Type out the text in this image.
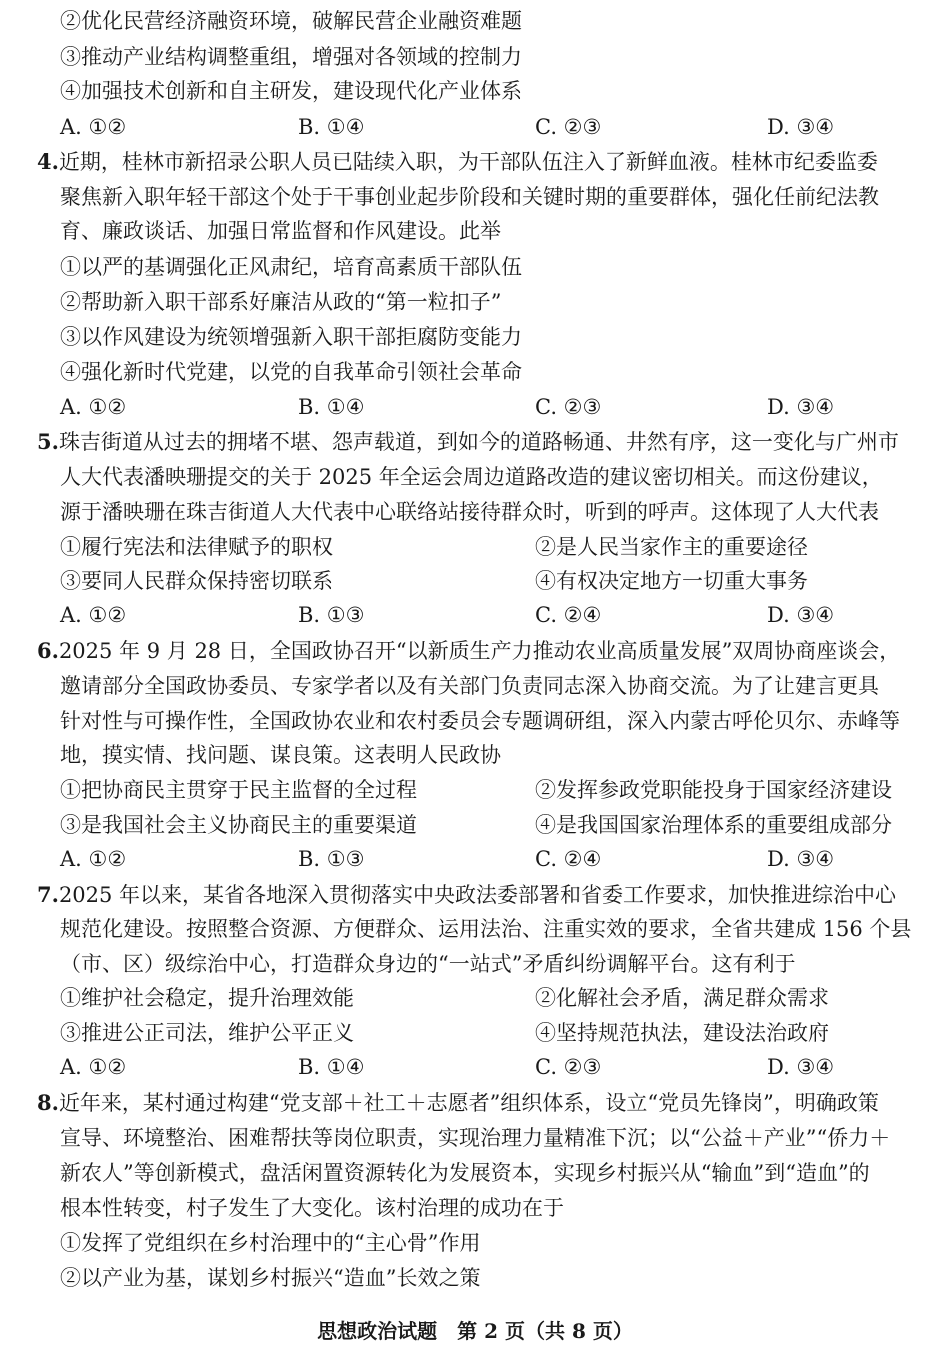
②优化民营经济融资环境，破解民营企业融资难题
③推动产业结构调整重组，增强对各领域的控制力
④加强技术创新和自主研发，建设现代化产业体系
A. ①②	B. ①④	C. ②③	D. ③④
4.近期，桂林市新招录公职人员已陆续入职，为干部队伍注入了新鲜血液。桂林市纪委监委
聚焦新入职年轻干部这个处于干事创业起步阶段和关键时期的重要群体，强化任前纪法教
育、廉政谈话、加强日常监督和作风建设。此举
①以严的基调强化正风肃纪，培育高素质干部队伍
②帮助新入职干部系好廉洁从政的“第一粒扣子”
③以作风建设为统领增强新入职干部拒腐防变能力
④强化新时代党建，以党的自我革命引领社会革命
A. ①②	B. ①④	C. ②③	D. ③④
5.珠吉街道从过去的拥堵不堪、怨声载道，到如今的道路畅通、井然有序，这一变化与广州市
人大代表潘映珊提交的关于 2025 年全运会周边道路改造的建议密切相关。而这份建议，
源于潘映珊在珠吉街道人大代表中心联络站接待群众时，听到的呼声。这体现了人大代表
①履行宪法和法律赋予的职权	②是人民当家作主的重要途径
③要同人民群众保持密切联系	④有权决定地方一切重大事务
A. ①②	B. ①③	C. ②④	D. ③④
6.2025 年 9 月 28 日，全国政协召开“以新质生产力推动农业高质量发展”双周协商座谈会，
邀请部分全国政协委员、专家学者以及有关部门负责同志深入协商交流。为了让建言更具
针对性与可操作性，全国政协农业和农村委员会专题调研组，深入内蒙古呼伦贝尔、赤峰等
地，摸实情、找问题、谋良策。这表明人民政协
①把协商民主贯穿于民主监督的全过程	②发挥参政党职能投身于国家经济建设
③是我国社会主义协商民主的重要渠道	④是我国国家治理体系的重要组成部分
A. ①②	B. ①③	C. ②④	D. ③④
7.2025 年以来，某省各地深入贯彻落实中央政法委部署和省委工作要求，加快推进综治中心
规范化建设。按照整合资源、方便群众、运用法治、注重实效的要求，全省共建成 156 个县
（市、区）级综治中心，打造群众身边的“一站式”矛盾纠纷调解平台。这有利于
①维护社会稳定，提升治理效能	②化解社会矛盾，满足群众需求
③推进公正司法，维护公平正义	④坚持规范执法，建设法治政府
A. ①②	B. ①④	C. ②③	D. ③④
8.近年来，某村通过构建“党支部＋社工＋志愿者”组织体系，设立“党员先锋岗”，明确政策
宣导、环境整治、困难帮扶等岗位职责，实现治理力量精准下沉；以“公益＋产业”“侨力＋
新农人”等创新模式，盘活闲置资源转化为发展资本，实现乡村振兴从“输血”到“造血”的
根本性转变，村子发生了大变化。该村治理的成功在于
①发挥了党组织在乡村治理中的“主心骨”作用
②以产业为基，谋划乡村振兴“造血”长效之策
思想政治试题　第 2 页（共 8 页）
